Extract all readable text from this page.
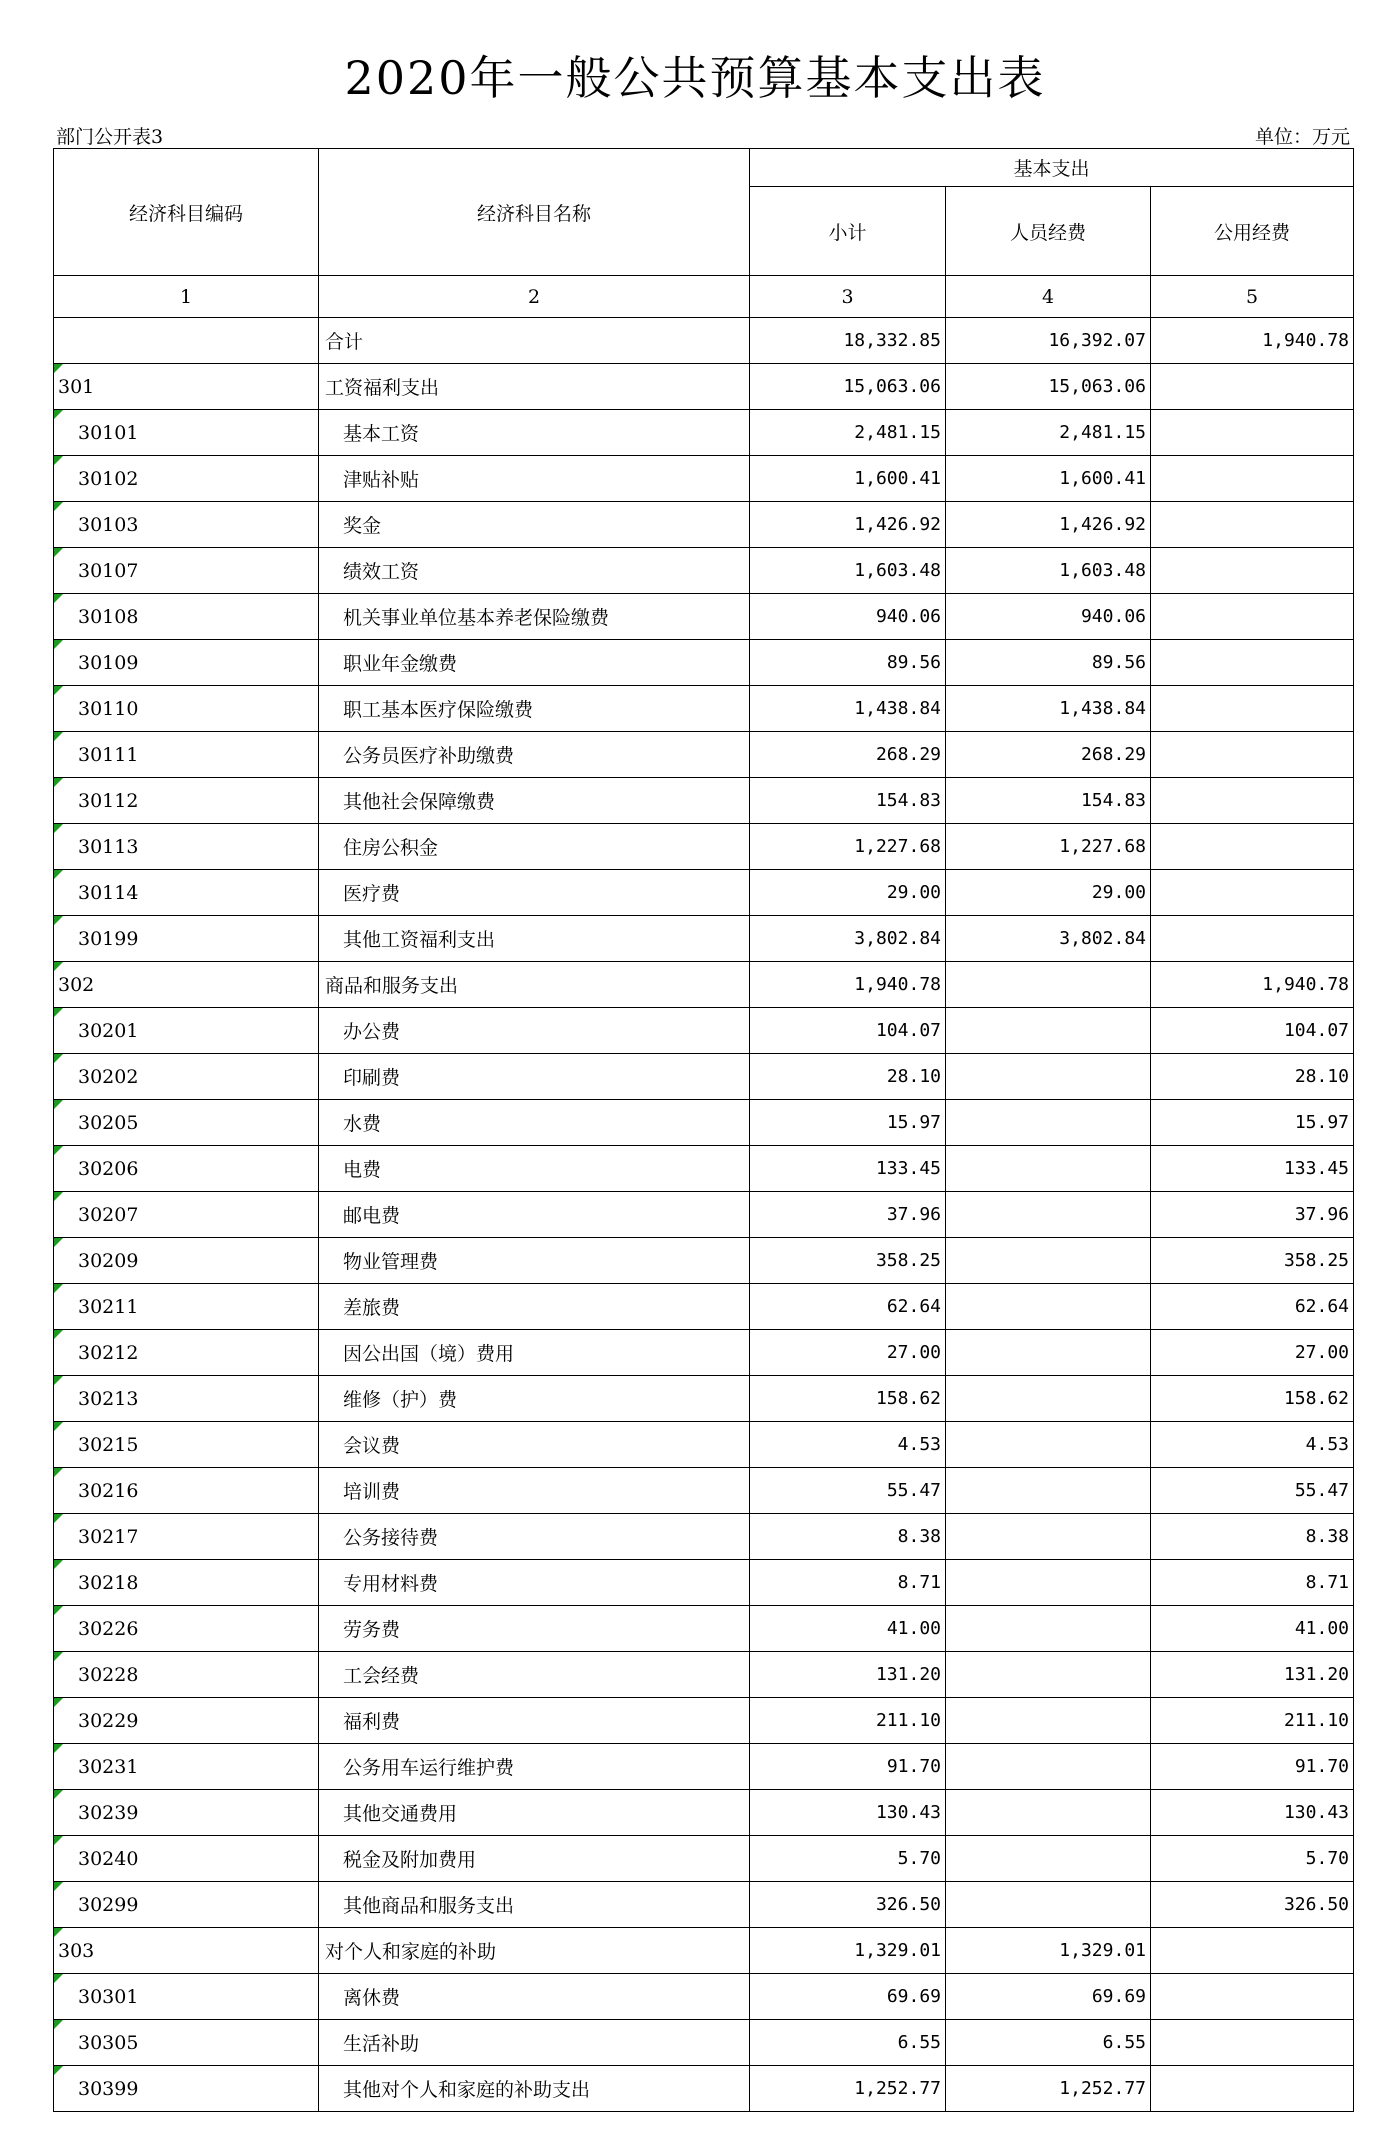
2020年一般公共预算基本支出表
部门公开表3	单位：万元
经济科目编码	经济科目名称	基本支出		
		小计	人员经费	公用经费
1	2	3	4	5
	合计	18,332.85	16,392.07	1,940.78

301	工资福利支出	15,063.06	15,063.06	

30101	基本工资	2,481.15	2,481.15	

30102	津贴补贴	1,600.41	1,600.41	

30103	奖金	1,426.92	1,426.92	

30107	绩效工资	1,603.48	1,603.48	

30108	机关事业单位基本养老保险缴费	940.06	940.06	

30109	职业年金缴费	89.56	89.56	

30110	职工基本医疗保险缴费	1,438.84	1,438.84	

30111	公务员医疗补助缴费	268.29	268.29	

30112	其他社会保障缴费	154.83	154.83	

30113	住房公积金	1,227.68	1,227.68	

30114	医疗费	29.00	29.00	

30199	其他工资福利支出	3,802.84	3,802.84	

302	商品和服务支出	1,940.78		1,940.78

30201	办公费	104.07		104.07

30202	印刷费	28.10		28.10

30205	水费	15.97		15.97

30206	电费	133.45		133.45

30207	邮电费	37.96		37.96

30209	物业管理费	358.25		358.25

30211	差旅费	62.64		62.64

30212	因公出国（境）费用	27.00		27.00

30213	维修（护）费	158.62		158.62

30215	会议费	4.53		4.53

30216	培训费	55.47		55.47

30217	公务接待费	8.38		8.38

30218	专用材料费	8.71		8.71

30226	劳务费	41.00		41.00

30228	工会经费	131.20		131.20

30229	福利费	211.10		211.10

30231	公务用车运行维护费	91.70		91.70

30239	其他交通费用	130.43		130.43

30240	税金及附加费用	5.70		5.70

30299	其他商品和服务支出	326.50		326.50

303	对个人和家庭的补助	1,329.01	1,329.01	

30301	离休费	69.69	69.69	

30305	生活补助	6.55	6.55	

30399	其他对个人和家庭的补助支出	1,252.77	1,252.77	
